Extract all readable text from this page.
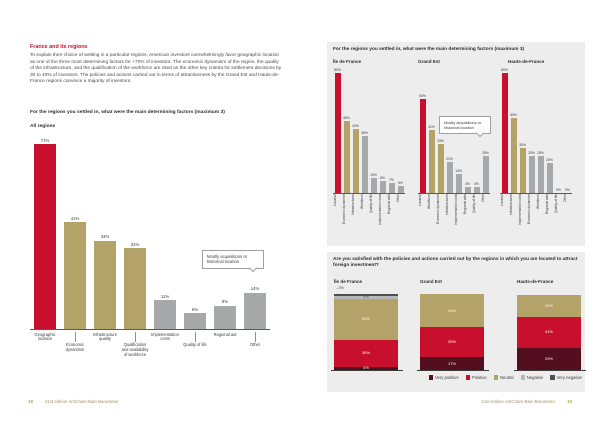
France and its regions

To explain their choice of settling in a particular regions, American investors overwhelmingly favor geographic location as one of the three most determining factors for +70% of investors. The economic dynamism of the region, the quality of the infrastructure, and the qualification of the workforce are cited as the other key criteria for settlement decisions by 30 to 40% of investors. The policies and actions carried out in terms of attractiveness by the Grand Est and Hauts-de-France regions convince a majority of investors.

For the regions you settled in, what were the main determining factors (maximum 3)
All regions
71%
41%
34%
31%
11%
6%
9%
14%
Geographic location
Economic dynamism
Infrastructure quality
Qualification and availability of workforce
Implementation costs
Quality of life
Regional aid
Other
Mostly acquisitions or historical location
18	21st edition AmCham-Bain Barometer
For the regions you settled in, what were the main determining factors (maximum 3)
Île de France
80%
48%
43%
38%
10%
8% 7%
5%
Location	Economic dynamism	Infrastructures	Workforce	Quality of life	Implementation costs	Regional aids	Other
Grand Est
63%
42%
33%
21%
13%
4% 4%
25%
Location	Workforce	Economic dynamism	Infrastructures	Implementation costs	Regional aids	Quality of life	Other
Hauts-de-France
80%
50%
30%
25% 25%
20%
0% 0%
Location	Infrastructures	Implementation costs	Economic dynamism	Workforce	Regional aids	Quality of life	Other
Mostly acquisitions or historical location
Are you satisfied with the policies and actions carried out by the regions in which you are located to attract foreign investment?
Île de France
- 2%
5%
53%
36%
4%
Grand Est
44%
39%
17%
Hauts-de-France
29%
41%
29%
Very positive	Positive	Neutral	Negative	Very negative
21st edition AmCham-Bain Barometer	19
